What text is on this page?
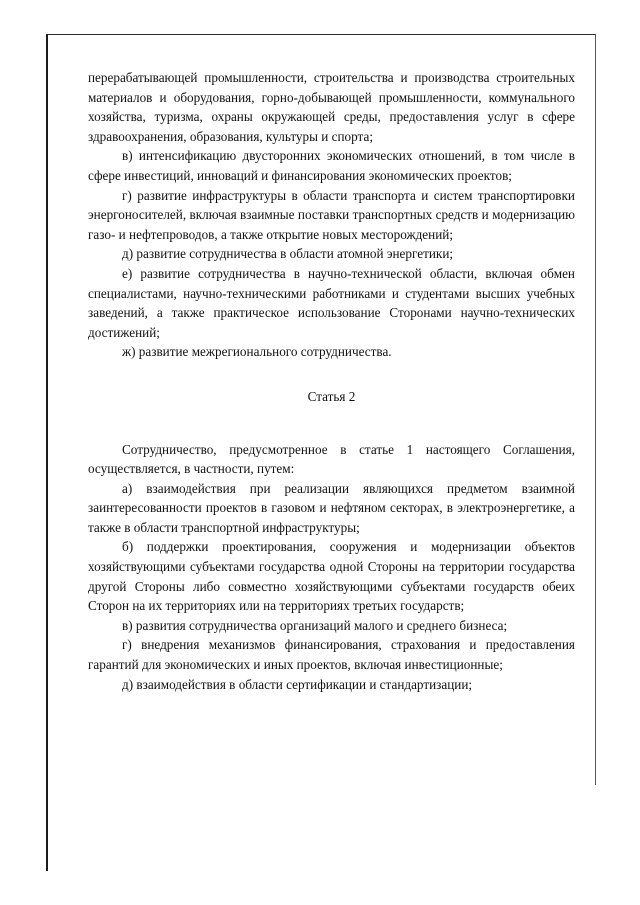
перерабатывающей промышленности, строительства и производства строительных материалов и оборудования, горно-добывающей промышленности, коммунального хозяйства, туризма, охраны окружающей среды, предоставления услуг в сфере здравоохранения, образования, культуры и спорта;

в) интенсификацию двусторонних экономических отношений, в том числе в сфере инвестиций, инноваций и финансирования экономических проектов;

г) развитие инфраструктуры в области транспорта и систем транспортировки энергоносителей, включая взаимные поставки транспортных средств и модернизацию газо- и нефтепроводов, а также открытие новых месторождений;

д) развитие сотрудничества в области атомной энергетики;

е) развитие сотрудничества в научно-технической области, включая обмен специалистами, научно-техническими работниками и студентами высших учебных заведений, а также практическое использование Сторонами научно-технических достижений;

ж) развитие межрегионального сотрудничества.

Статья 2

Сотрудничество, предусмотренное в статье 1 настоящего Соглашения, осуществляется, в частности, путем:

а) взаимодействия при реализации являющихся предметом взаимной заинтересованности проектов в газовом и нефтяном секторах, в электроэнергетике, а также в области транспортной инфраструктуры;

б) поддержки проектирования, сооружения и модернизации объектов хозяйствующими субъектами государства одной Стороны на территории государства другой Стороны либо совместно хозяйствующими субъектами государств обеих Сторон на их территориях или на территориях третьих государств;

в) развития сотрудничества организаций малого и среднего бизнеса;

г) внедрения механизмов финансирования, страхования и предоставления гарантий для экономических и иных проектов, включая инвестиционные;

д) взаимодействия в области сертификации и стандартизации;
